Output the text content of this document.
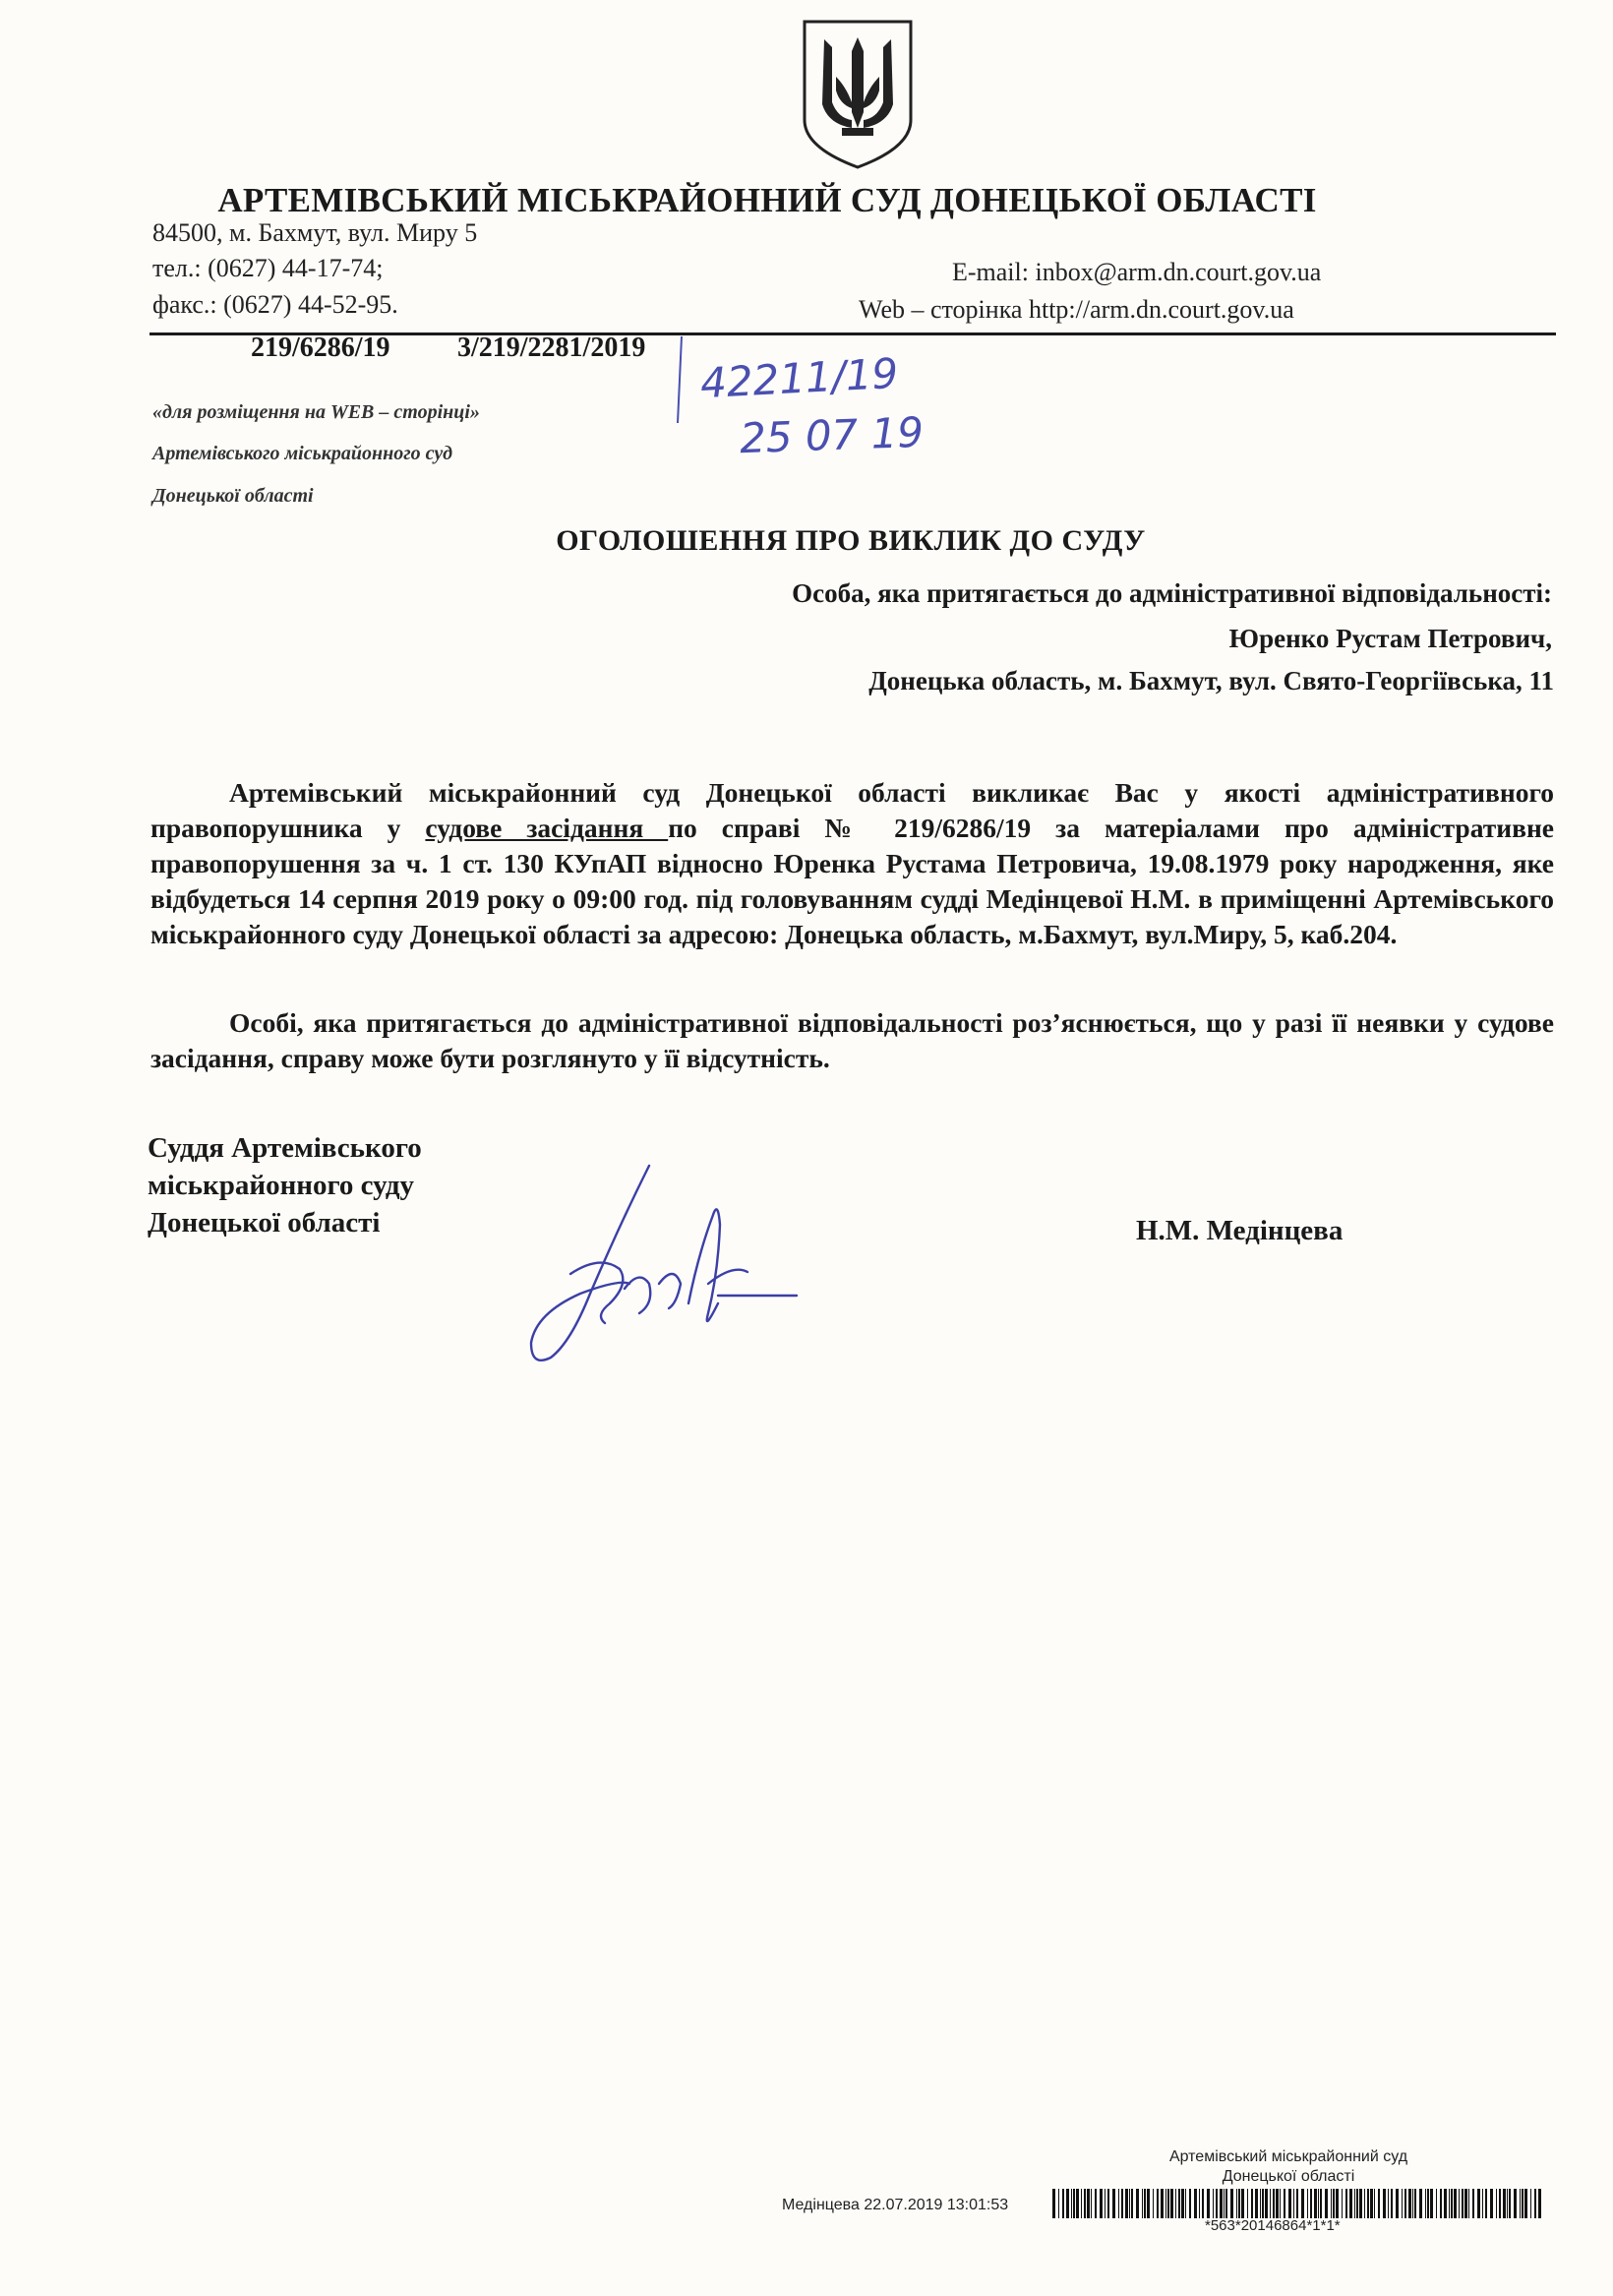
АРТЕМІВСЬКИЙ МІСЬКРАЙОННИЙ СУД ДОНЕЦЬКОЇ ОБЛАСТІ
84500, м. Бахмут, вул. Миру 5
тел.: (0627) 44-17-74;
факс.: (0627) 44-52-95.
E-mail: inbox@arm.dn.court.gov.ua
Web – сторінка http://arm.dn.court.gov.ua
219/6286/19 3/219/2281/2019
42211/19
25 07 19
«для розміщення на WEB – сторінці»
Артемівського міськрайонного суд
Донецької області
ОГОЛОШЕННЯ ПРО ВИКЛИК ДО СУДУ
Особа, яка притягається до адміністративної відповідальності:
Юренко Рустам Петрович,
Донецька область, м. Бахмут, вул. Свято-Георгіївська, 11
Артемівський міськрайонний суд Донецької області викликає Вас у якості адміністративного правопорушника у судове засідання по справі № 219/6286/19 за матеріалами про адміністративне правопорушення за ч. 1 ст. 130 КУпАП відносно Юренка Рустама Петровича, 19.08.1979 року народження, яке відбудеться 14 серпня 2019 року о 09:00 год. під головуванням судді Медінцевої Н.М. в приміщенні Артемівського міськрайонного суду Донецької області за адресою: Донецька область, м.Бахмут, вул.Миру, 5, каб.204.
Особі, яка притягається до адміністративної відповідальності роз’яснюється, що у разі її неявки у судове засідання, справу може бути розглянуто у її відсутність.
Суддя Артемівського
міськрайонного суду
Донецької області	Н.М. Медінцева
Артемівський міськрайонний суд
Донецької області
Медінцева 22.07.2019 13:01:53
*563*20146864*1*1*
